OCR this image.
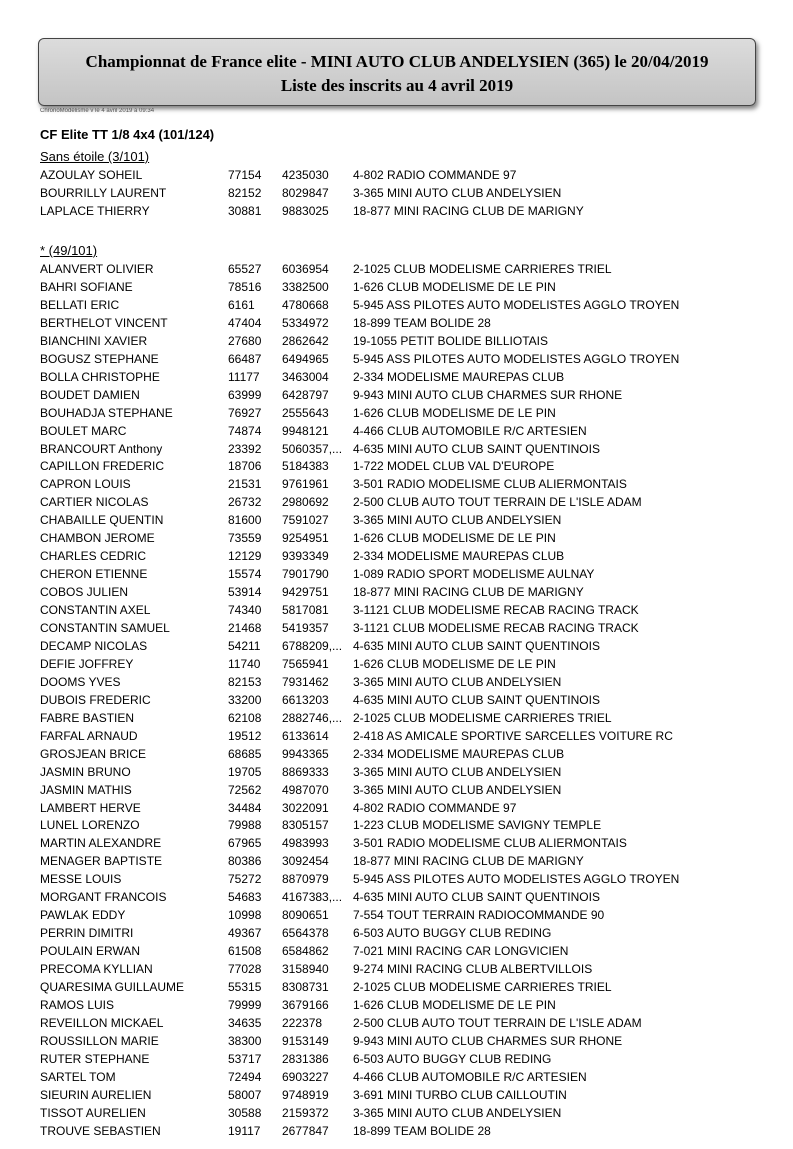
Championnat de France elite - MINI AUTO CLUB ANDELYSIEN (365) le 20/04/2019
Liste des inscrits au 4 avril 2019
ChronoModélisme v le 4 avril 2019 à 09:34
CF Elite TT 1/8 4x4 (101/124)
Sans étoile (3/101)
AZOULAY SOHEIL	77154 4235030	4-802 RADIO COMMANDE 97
BOURRILLY LAURENT	82152 8029847	3-365 MINI AUTO CLUB ANDELYSIEN
LAPLACE THIERRY	30881 9883025	18-877 MINI RACING CLUB DE MARIGNY
* (49/101)
ALANVERT OLIVIER	65527 6036954	2-1025 CLUB MODELISME CARRIERES TRIEL
BAHRI SOFIANE	78516 3382500	1-626 CLUB MODELISME DE LE PIN
BELLATI ERIC	6161 4780668	5-945 ASS PILOTES AUTO MODELISTES AGGLO TROYEN
BERTHELOT VINCENT	47404 5334972	18-899 TEAM BOLIDE 28
BIANCHINI XAVIER	27680 2862642	19-1055 PETIT BOLIDE BILLIOTAIS
BOGUSZ STEPHANE	66487 6494965	5-945 ASS PILOTES AUTO MODELISTES AGGLO TROYEN
BOLLA CHRISTOPHE	11177 3463004	2-334 MODELISME MAUREPAS CLUB
BOUDET DAMIEN	63999 6428797	9-943 MINI AUTO CLUB CHARMES SUR RHONE
BOUHADJA STEPHANE	76927 2555643	1-626 CLUB MODELISME DE LE PIN
BOULET MARC	74874 9948121	4-466 CLUB AUTOMOBILE R/C ARTESIEN
BRANCOURT Anthony	23392 5060357,... 4-635 MINI AUTO CLUB SAINT QUENTINOIS
CAPILLON FREDERIC	18706 5184383	1-722 MODEL CLUB VAL D'EUROPE
CAPRON LOUIS	21531 9761961	3-501 RADIO MODELISME CLUB ALIERMONTAIS
CARTIER NICOLAS	26732 2980692	2-500 CLUB AUTO TOUT TERRAIN DE L'ISLE ADAM
CHABAILLE QUENTIN	81600 7591027	3-365 MINI AUTO CLUB ANDELYSIEN
CHAMBON JEROME	73559 9254951	1-626 CLUB MODELISME DE LE PIN
CHARLES CEDRIC	12129 9393349	2-334 MODELISME MAUREPAS CLUB
CHERON ETIENNE	15574 7901790	1-089 RADIO SPORT MODELISME AULNAY
COBOS JULIEN	53914 9429751	18-877 MINI RACING CLUB DE MARIGNY
CONSTANTIN AXEL	74340 5817081	3-1121 CLUB MODELISME RECAB RACING TRACK
CONSTANTIN SAMUEL	21468 5419357	3-1121 CLUB MODELISME RECAB RACING TRACK
DECAMP NICOLAS	54211 6788209,... 4-635 MINI AUTO CLUB SAINT QUENTINOIS
DEFIE JOFFREY	11740 7565941	1-626 CLUB MODELISME DE LE PIN
DOOMS YVES	82153 7931462	3-365 MINI AUTO CLUB ANDELYSIEN
DUBOIS FREDERIC	33200 6613203	4-635 MINI AUTO CLUB SAINT QUENTINOIS
FABRE BASTIEN	62108 2882746,... 2-1025 CLUB MODELISME CARRIERES TRIEL
FARFAL ARNAUD	19512 6133614	2-418 AS AMICALE SPORTIVE SARCELLES VOITURE RC
GROSJEAN BRICE	68685 9943365	2-334 MODELISME MAUREPAS CLUB
JASMIN BRUNO	19705 8869333	3-365 MINI AUTO CLUB ANDELYSIEN
JASMIN MATHIS	72562 4987070	3-365 MINI AUTO CLUB ANDELYSIEN
LAMBERT HERVE	34484 3022091	4-802 RADIO COMMANDE 97
LUNEL LORENZO	79988 8305157	1-223 CLUB MODELISME SAVIGNY TEMPLE
MARTIN ALEXANDRE	67965 4983993	3-501 RADIO MODELISME CLUB ALIERMONTAIS
MENAGER BAPTISTE	80386 3092454	18-877 MINI RACING CLUB DE MARIGNY
MESSE LOUIS	75272 8870979	5-945 ASS PILOTES AUTO MODELISTES AGGLO TROYEN
MORGANT FRANCOIS	54683 4167383,... 4-635 MINI AUTO CLUB SAINT QUENTINOIS
PAWLAK EDDY	10998 8090651	7-554 TOUT TERRAIN RADIOCOMMANDE 90
PERRIN DIMITRI	49367 6564378	6-503 AUTO BUGGY CLUB REDING
POULAIN ERWAN	61508 6584862	7-021 MINI RACING CAR LONGVICIEN
PRECOMA KYLLIAN	77028 3158940	9-274 MINI RACING CLUB ALBERTVILLOIS
QUARESIMA GUILLAUME	55315 8308731	2-1025 CLUB MODELISME CARRIERES TRIEL
RAMOS LUIS	79999 3679166	1-626 CLUB MODELISME DE LE PIN
REVEILLON MICKAEL	34635 222378	2-500 CLUB AUTO TOUT TERRAIN DE L'ISLE ADAM
ROUSSILLON MARIE	38300 9153149	9-943 MINI AUTO CLUB CHARMES SUR RHONE
RUTER STEPHANE	53717 2831386	6-503 AUTO BUGGY CLUB REDING
SARTEL TOM	72494 6903227	4-466 CLUB AUTOMOBILE R/C ARTESIEN
SIEURIN AURELIEN	58007 9748919	3-691 MINI TURBO CLUB CAILLOUTIN
TISSOT AURELIEN	30588 2159372	3-365 MINI AUTO CLUB ANDELYSIEN
TROUVE SEBASTIEN	19117 2677847	18-899 TEAM BOLIDE 28
